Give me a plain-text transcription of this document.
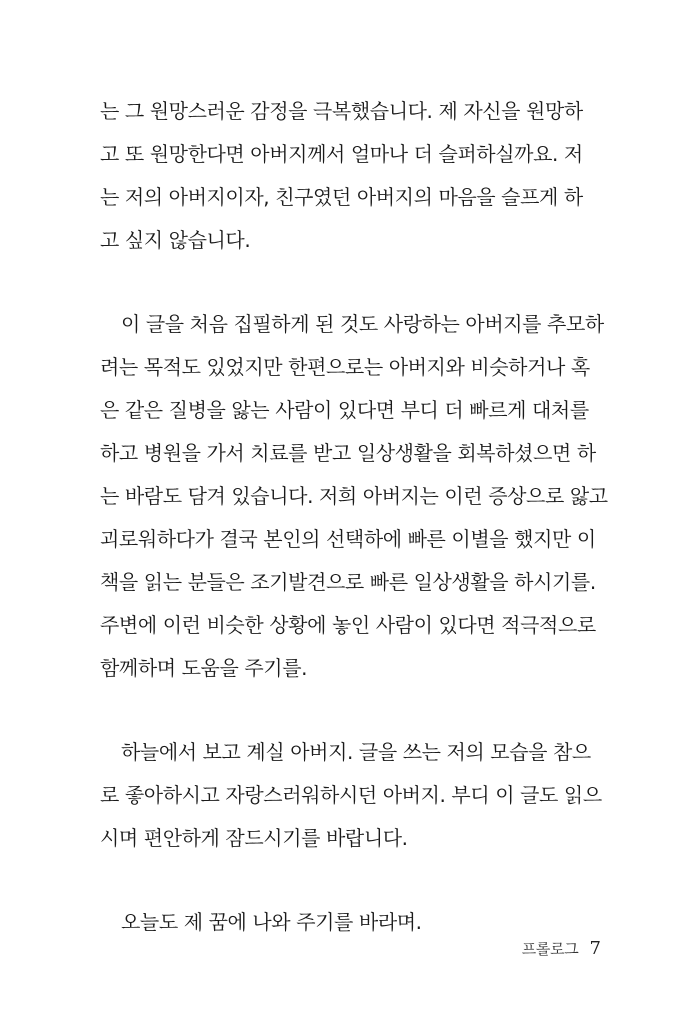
는 그 원망스러운 감정을 극복했습니다. 제 자신을 원망하
고 또 원망한다면 아버지께서 얼마나 더 슬퍼하실까요. 저
는 저의 아버지이자, 친구였던 아버지의 마음을 슬프게 하
고 싶지 않습니다.
이 글을 처음 집필하게 된 것도 사랑하는 아버지를 추모하
려는 목적도 있었지만 한편으로는 아버지와 비슷하거나 혹
은 같은 질병을 앓는 사람이 있다면 부디 더 빠르게 대처를
하고 병원을 가서 치료를 받고 일상생활을 회복하셨으면 하
는 바람도 담겨 있습니다. 저희 아버지는 이런 증상으로 앓고
괴로워하다가 결국 본인의 선택하에 빠른 이별을 했지만 이
책을 읽는 분들은 조기발견으로 빠른 일상생활을 하시기를.
주변에 이런 비슷한 상황에 놓인 사람이 있다면 적극적으로
함께하며 도움을 주기를.
하늘에서 보고 계실 아버지. 글을 쓰는 저의 모습을 참으
로 좋아하시고 자랑스러워하시던 아버지. 부디 이 글도 읽으
시며 편안하게 잠드시기를 바랍니다.
오늘도 제 꿈에 나와 주기를 바라며.
프롤로그 7
